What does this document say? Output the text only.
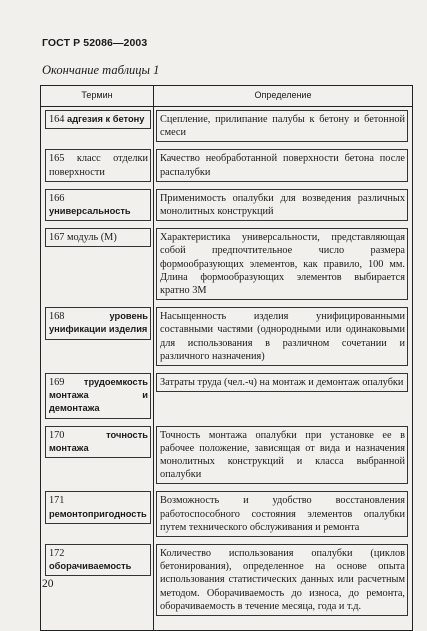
ГОСТ Р 52086—2003
Окончание таблицы 1
Термин	Определение

164 адгезия к бетону	Сцепление, прилипание палубы к бетону и бетонной смеси

165 класс отделки поверхности	Качество необработанной поверхности бетона после распалубки

166 универсальность	Применимость опалубки для возведения различных монолитных конструкций

167 модуль (М)	Характеристика универсальности, представляющая собой предпочтительное число размера формообразующих элементов, как правило, 100 мм. Длина формообразующих элементов выбирается кратно 3М

168 уровень унификации изделия	Насыщенность изделия унифицированными составными частями (однородными или одинаковыми для использования в различном сочетании и различного назначения)

169 трудоемкость монтажа и демонтажа	Затраты труда (чел.-ч) на монтаж и демонтаж опалубки

170 точность монтажа	Точность монтажа опалубки при установке ее в рабочее положение, зависящая от вида и назначения монолитных конструкций и класса выбранной опалубки

171 ремонтопригодность	Возможность и удобство восстановления работоспособного состояния элементов опалубки путем технического обслуживания и ремонта

172 оборачиваемость	Количество использования опалубки (циклов бетонирования), определенное на основе опыта использования статистических данных или расчетным методом. Оборачиваемость до износа, до ремонта, оборачиваемость в течение месяца, года и т.д.

20
